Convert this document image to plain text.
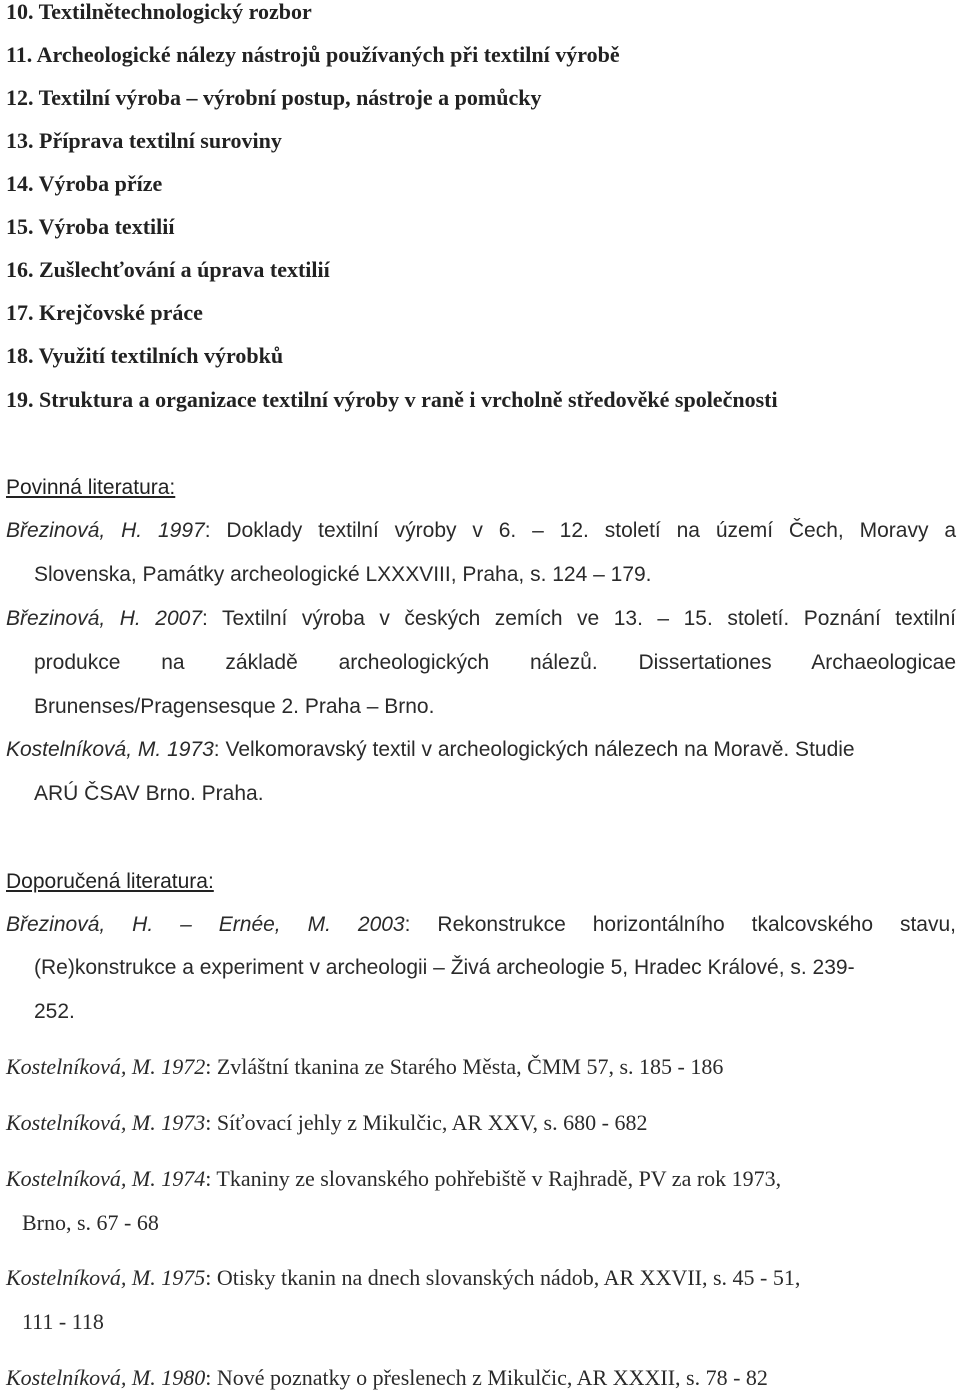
10. Textilnětechnologický rozbor
11. Archeologické nálezy nástrojů používaných při textilní výrobě
12. Textilní výroba – výrobní postup, nástroje a pomůcky
13. Příprava textilní suroviny
14. Výroba příze
15. Výroba textilií
16. Zušlechťování a úprava textilií
17. Krejčovské práce
18. Využití textilních výrobků
19. Struktura a organizace textilní výroby v raně i vrcholně středověké společnosti
Povinná literatura:
Březinová, H. 1997: Doklady textilní výroby v 6. – 12. století na území Čech, Moravy a
Slovenska, Památky archeologické LXXXVIII, Praha, s. 124 – 179.
Březinová, H. 2007: Textilní výroba v českých zemích ve 13. – 15. století. Poznání textilní
produkce na základě archeologických nálezů. Dissertationes Archaeologicae
Brunenses/Pragensesque 2. Praha – Brno.
Kostelníková, M. 1973: Velkomoravský textil v archeologických nálezech na Moravě. Studie
ARÚ ČSAV Brno. Praha.
Doporučená literatura:
Březinová, H. – Ernée, M. 2003: Rekonstrukce horizontálního tkalcovského stavu,
(Re)konstrukce a experiment v archeologii – Živá archeologie 5, Hradec Králové, s. 239-
252.
Kostelníková, M. 1972: Zvláštní tkanina ze Starého Města, ČMM 57, s. 185 - 186
Kostelníková, M. 1973: Síťovací jehly z Mikulčic, AR XXV, s. 680 - 682
Kostelníková, M. 1974: Tkaniny ze slovanského pohřebiště v Rajhradě, PV za rok 1973,
Brno, s. 67 - 68
Kostelníková, M. 1975: Otisky tkanin na dnech slovanských nádob, AR XXVII, s. 45 - 51,
111 - 118
Kostelníková, M. 1980: Nové poznatky o přeslenech z Mikulčic, AR XXXII, s. 78 - 82
